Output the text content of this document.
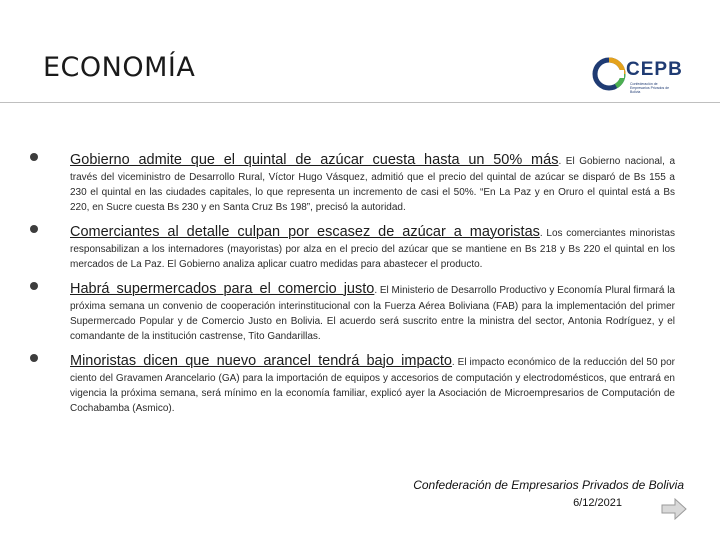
ECONOMÍA	CEPB
Confederación de Empresarios Privados de Bolivia
Gobierno admite que el quintal de azúcar cuesta hasta un 50% más. El Gobierno nacional, a través del viceministro de Desarrollo Rural, Víctor Hugo Vásquez, admitió que el precio del quintal de azúcar se disparó de Bs 155 a 230 el quintal en las ciudades capitales, lo que representa un incremento de casi el 50%. “En La Paz y en Oruro el quintal está a Bs 220, en Sucre cuesta Bs 230 y en Santa Cruz Bs 198”, precisó la autoridad.
Comerciantes al detalle culpan por escasez de azúcar a mayoristas. Los comerciantes minoristas responsabilizan a los internadores (mayoristas) por alza en el precio del azúcar que se mantiene en Bs 218 y Bs 220 el quintal en los mercados de La Paz. El Gobierno analiza aplicar cuatro medidas para abastecer el producto.
Habrá supermercados para el comercio justo. El Ministerio de Desarrollo Productivo y Economía Plural firmará la próxima semana un convenio de cooperación interinstitucional con la Fuerza Aérea Boliviana (FAB) para la implementación del primer Supermercado Popular y de Comercio Justo en Bolivia. El acuerdo será suscrito entre la ministra del sector, Antonia Rodríguez, y el comandante de la institución castrense, Tito Gandarillas.
Minoristas dicen que nuevo arancel tendrá bajo impacto. El impacto económico de la reducción del 50 por ciento del Gravamen Arancelario (GA) para la importación de equipos y accesorios de computación y electrodomésticos, que entrará en vigencia la próxima semana, será mínimo en la economía familiar, explicó ayer la Asociación de Microempresarios de Computación de Cochabamba (Asmico).
Confederación de Empresarios Privados de Bolivia
6/12/2021
